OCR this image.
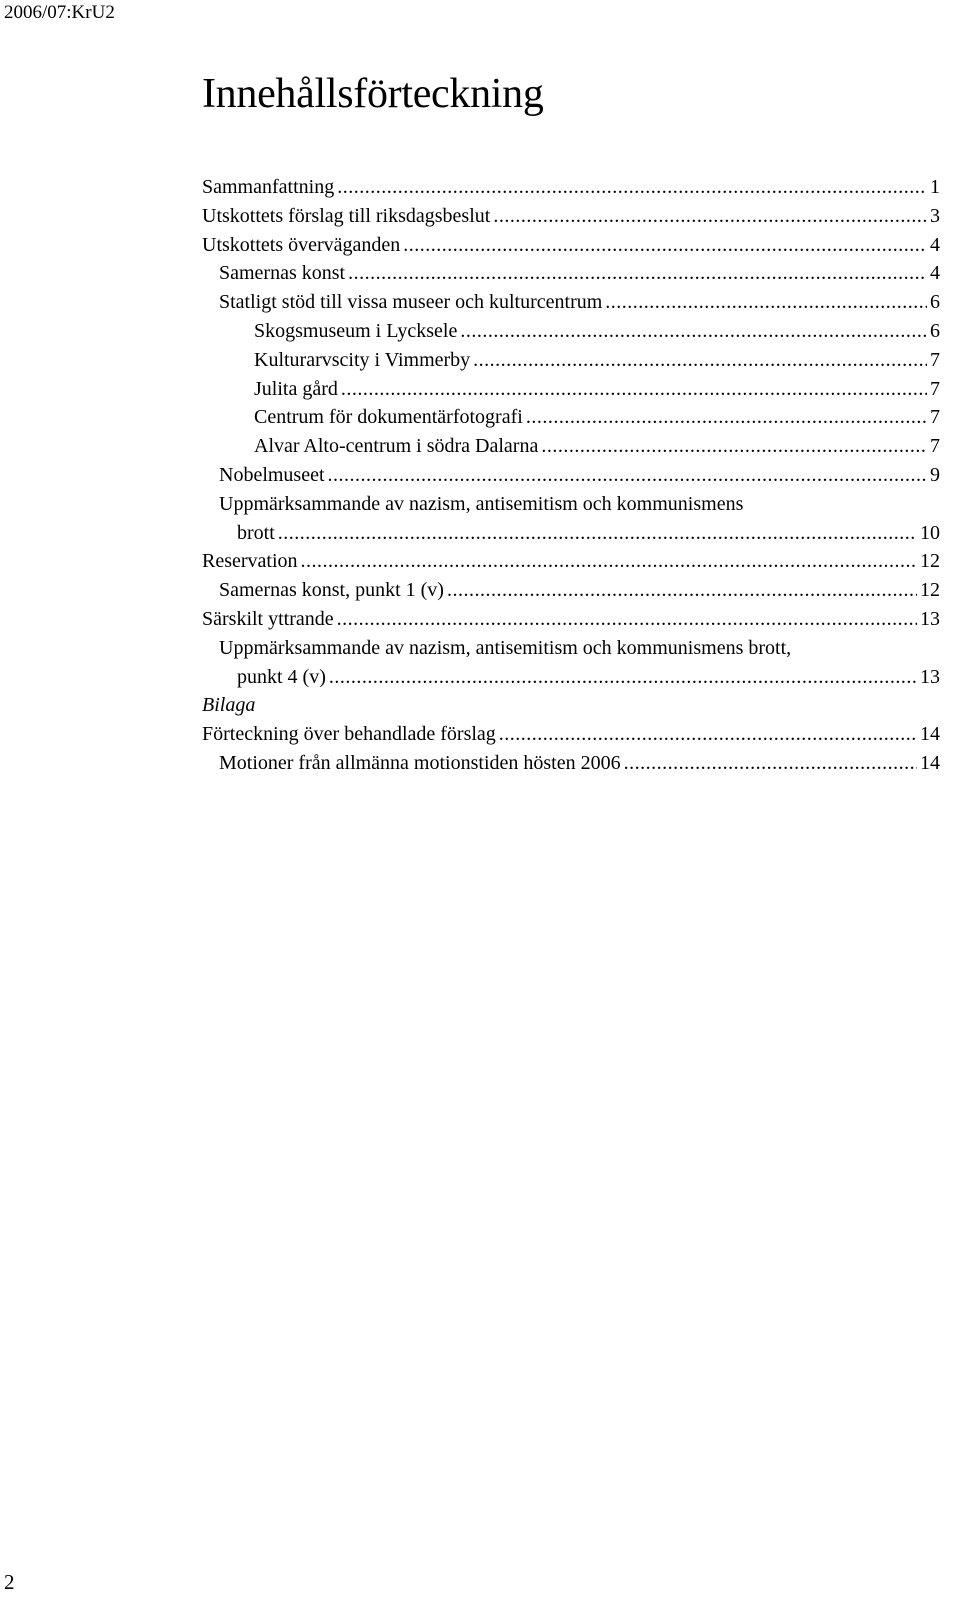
2006/07:KrU2
Innehållsförteckning
Sammanfattning .....	1
Utskottets förslag till riksdagsbeslut .....	3
Utskottets överväganden .....	4
Samernas konst .....	4
Statligt stöd till vissa museer och kulturcentrum .....	6
Skogsmuseum i Lycksele .....	6
Kulturarvscity i Vimmerby .....	7
Julita gård .....	7
Centrum för dokumentärfotografi .....	7
Alvar Alto-centrum i södra Dalarna .....	7
Nobelmuseet .....	9
Uppmärksammande av nazism, antisemitism och kommunismens
brott .....	10
Reservation .....	12
Samernas konst, punkt 1 (v) .....	12
Särskilt yttrande .....	13
Uppmärksammande av nazism, antisemitism och kommunismens brott,
punkt 4 (v) .....	13
Bilaga
Förteckning över behandlade förslag .....	14
Motioner från allmänna motionstiden hösten 2006 .....	14
2
